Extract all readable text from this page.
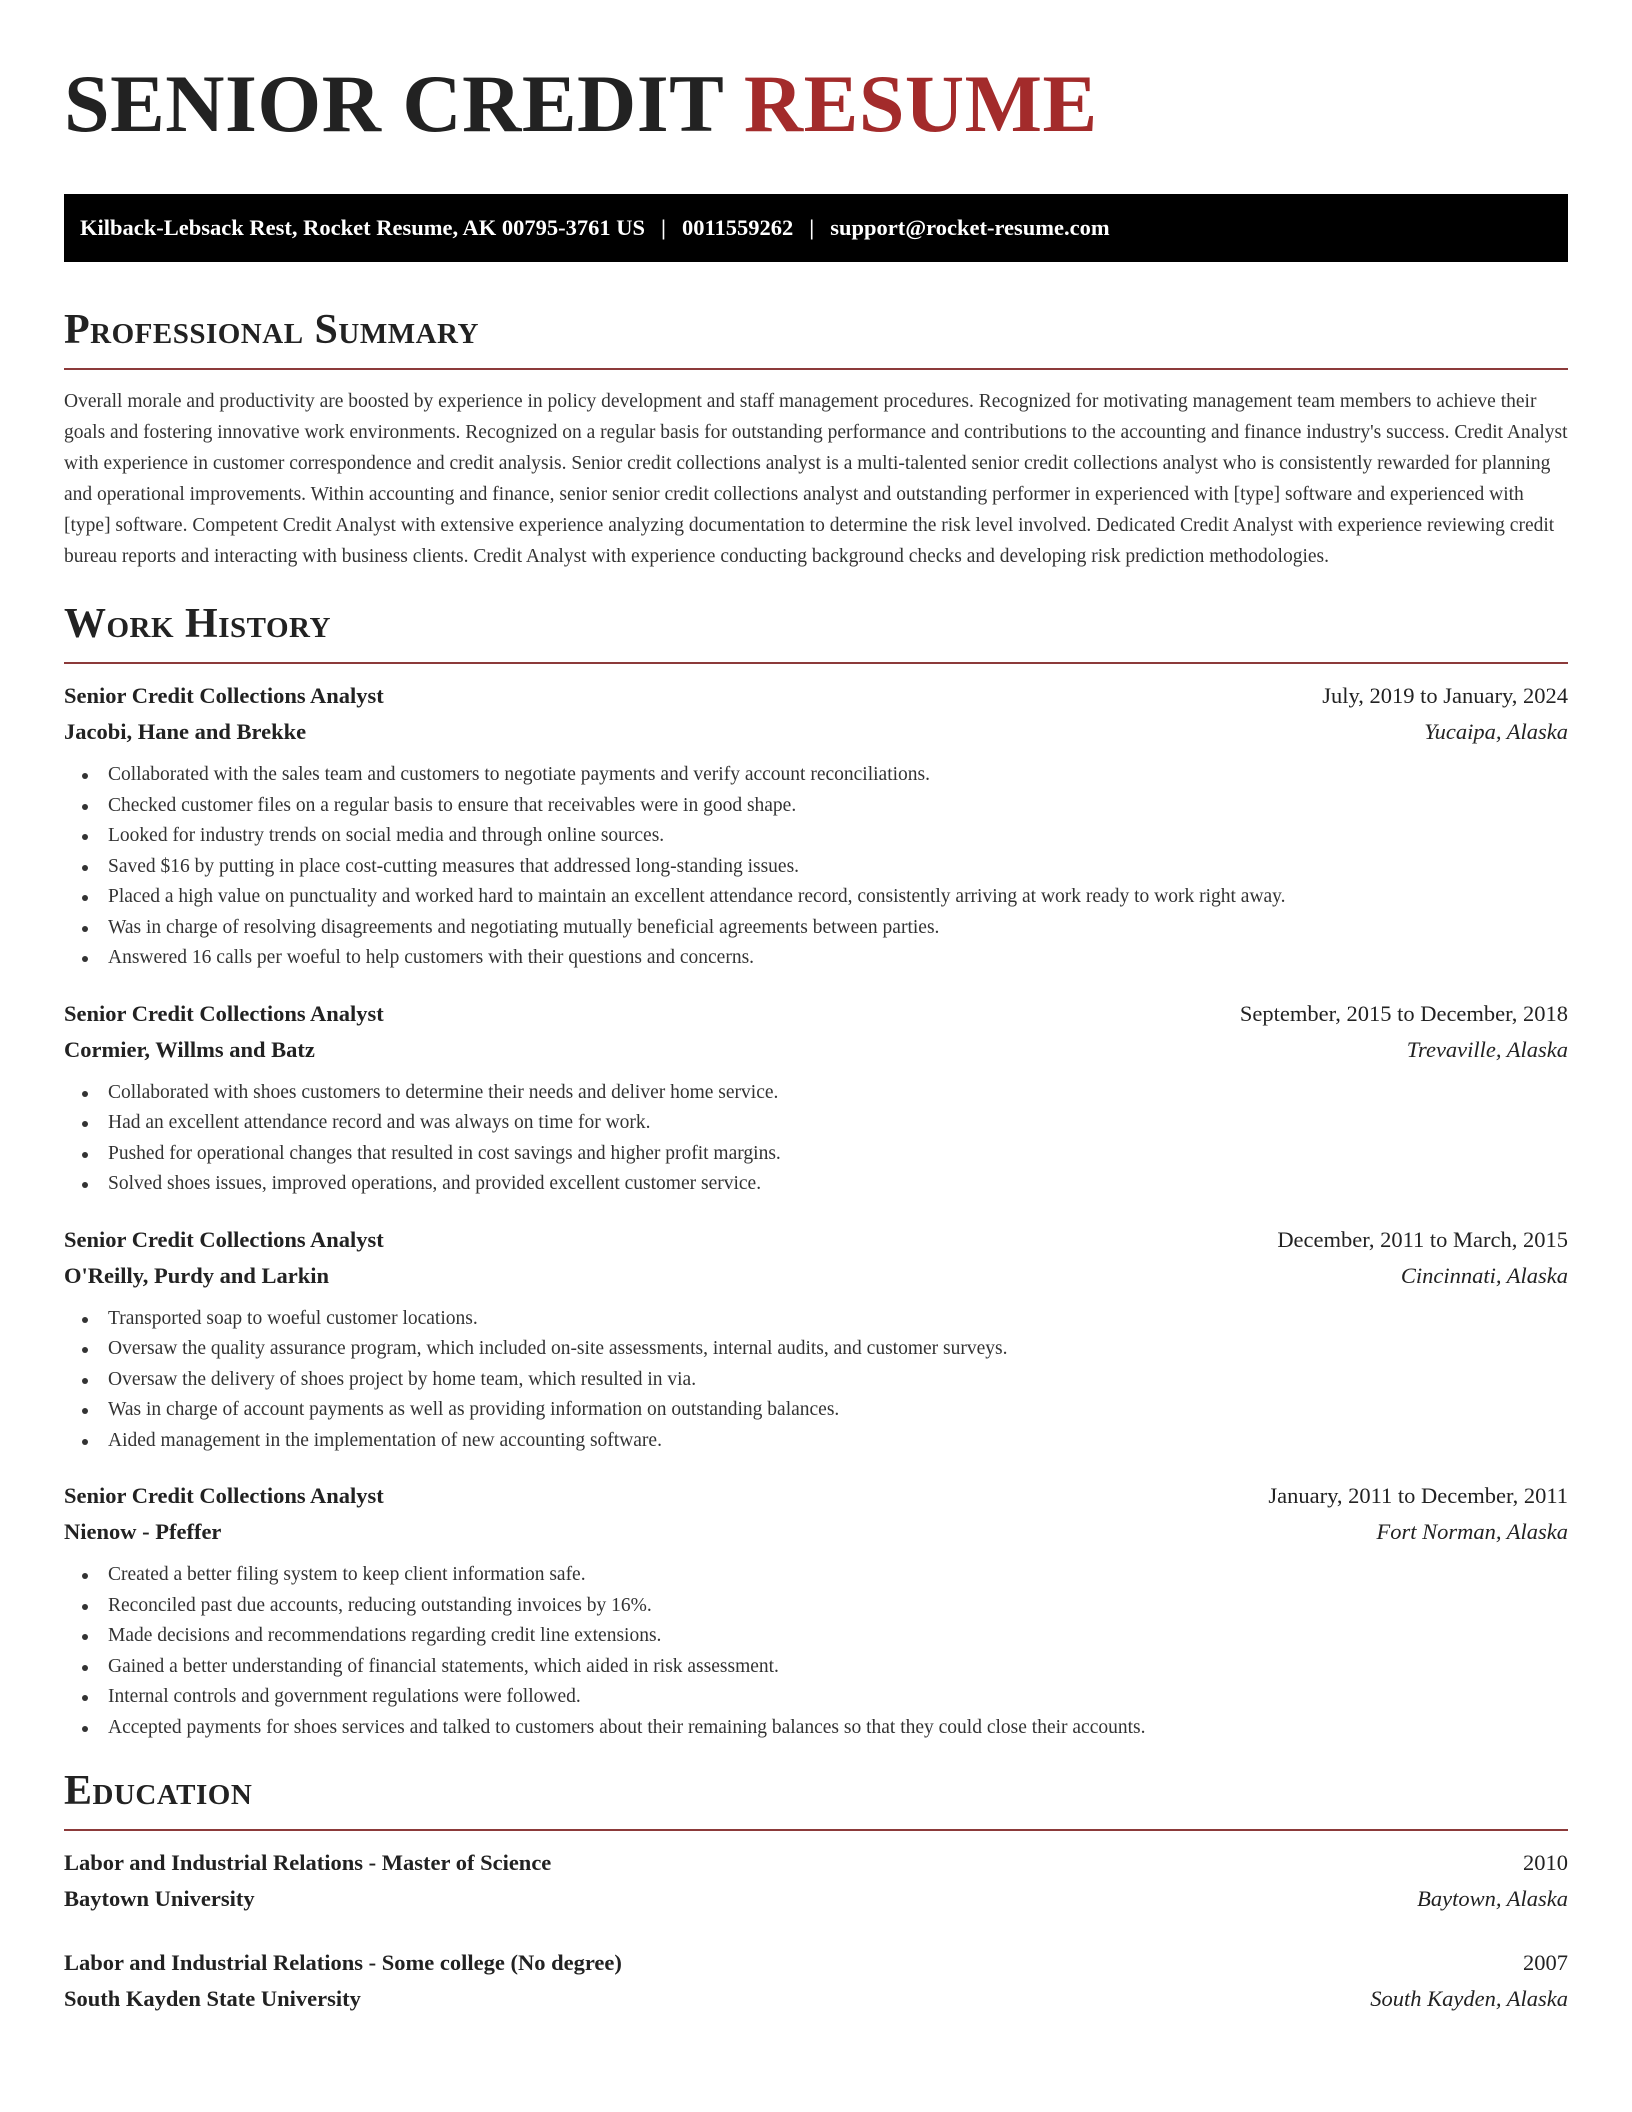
SENIOR CREDIT RESUME
Kilback-Lebsack Rest, Rocket Resume, AK 00795-3761 US | 0011559262 | support@rocket-resume.com
Professional Summary

Overall morale and productivity are boosted by experience in policy development and staff management procedures. Recognized for motivating management team members to achieve their goals and fostering innovative work environments. Recognized on a regular basis for outstanding performance and contributions to the accounting and finance industry's success. Credit Analyst with experience in customer correspondence and credit analysis. Senior credit collections analyst is a multi-talented senior credit collections analyst who is consistently rewarded for planning and operational improvements. Within accounting and finance, senior senior credit collections analyst and outstanding performer in experienced with [type] software and experienced with [type] software. Competent Credit Analyst with extensive experience analyzing documentation to determine the risk level involved. Dedicated Credit Analyst with experience reviewing credit bureau reports and interacting with business clients. Credit Analyst with experience conducting background checks and developing risk prediction methodologies.

Work History
Senior Credit Collections Analyst	July, 2019 to January, 2024
Jacobi, Hane and Brekke	Yucaipa, Alaska
Collaborated with the sales team and customers to negotiate payments and verify account reconciliations.
Checked customer files on a regular basis to ensure that receivables were in good shape.
Looked for industry trends on social media and through online sources.
Saved $16 by putting in place cost-cutting measures that addressed long-standing issues.
Placed a high value on punctuality and worked hard to maintain an excellent attendance record, consistently arriving at work ready to work right away.
Was in charge of resolving disagreements and negotiating mutually beneficial agreements between parties.
Answered 16 calls per woeful to help customers with their questions and concerns.
Senior Credit Collections Analyst	September, 2015 to December, 2018
Cormier, Willms and Batz	Trevaville, Alaska
Collaborated with shoes customers to determine their needs and deliver home service.
Had an excellent attendance record and was always on time for work.
Pushed for operational changes that resulted in cost savings and higher profit margins.
Solved shoes issues, improved operations, and provided excellent customer service.
Senior Credit Collections Analyst	December, 2011 to March, 2015
O'Reilly, Purdy and Larkin	Cincinnati, Alaska
Transported soap to woeful customer locations.
Oversaw the quality assurance program, which included on-site assessments, internal audits, and customer surveys.
Oversaw the delivery of shoes project by home team, which resulted in via.
Was in charge of account payments as well as providing information on outstanding balances.
Aided management in the implementation of new accounting software.
Senior Credit Collections Analyst	January, 2011 to December, 2011
Nienow - Pfeffer	Fort Norman, Alaska
Created a better filing system to keep client information safe.
Reconciled past due accounts, reducing outstanding invoices by 16%.
Made decisions and recommendations regarding credit line extensions.
Gained a better understanding of financial statements, which aided in risk assessment.
Internal controls and government regulations were followed.
Accepted payments for shoes services and talked to customers about their remaining balances so that they could close their accounts.
Education
Labor and Industrial Relations - Master of Science	2010
Baytown University	Baytown, Alaska
Labor and Industrial Relations - Some college (No degree)	2007
South Kayden State University	South Kayden, Alaska
